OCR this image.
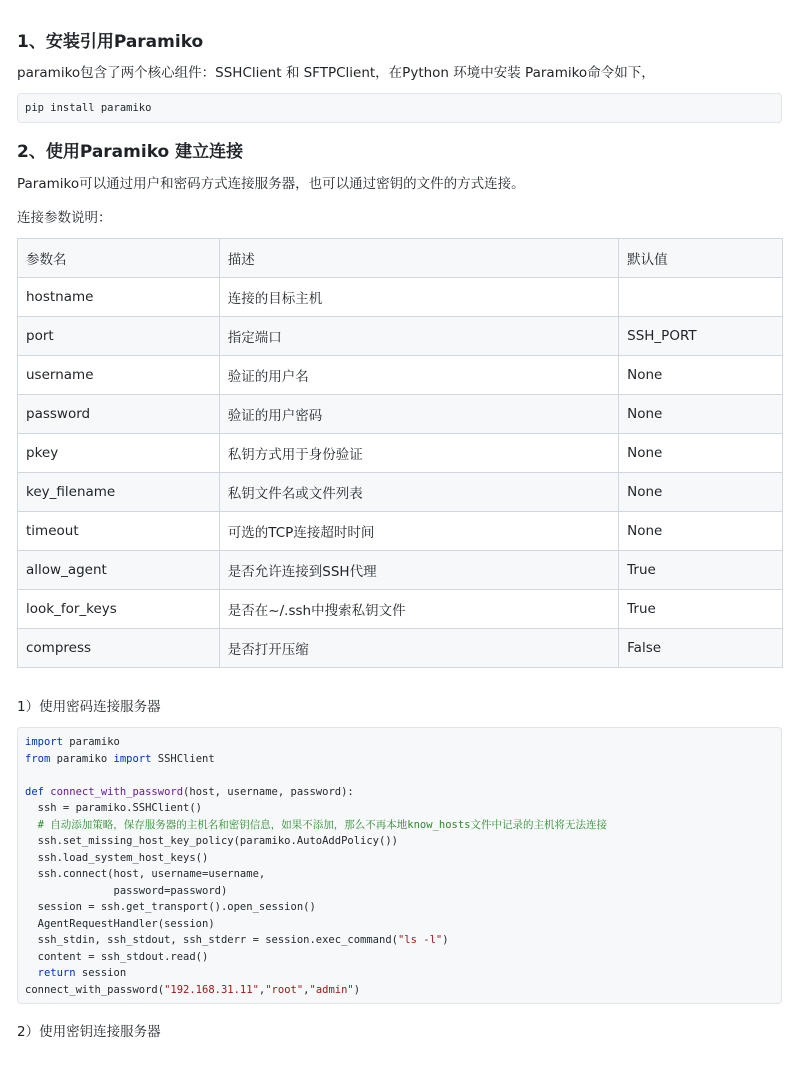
1、安装引用Paramiko
paramiko包含了两个核心组件：SSHClient 和 SFTPClient，在Python 环境中安装 Paramiko命令如下，
pip install paramiko
2、使用Paramiko 建立连接
Paramiko可以通过用户和密码方式连接服务器，也可以通过密钥的文件的方式连接。
连接参数说明：
参数名	描述	默认值
hostname	连接的目标主机	
port	指定端口	SSH_PORT
username	验证的用户名	None
password	验证的用户密码	None
pkey	私钥方式用于身份验证	None
key_filename	私钥文件名或文件列表	None
timeout	可选的TCP连接超时时间	None
allow_agent	是否允许连接到SSH代理	True
look_for_keys	是否在~/.ssh中搜索私钥文件	True
compress	是否打开压缩	False
1）使用密码连接服务器
import paramiko
from paramiko import SSHClient

def connect_with_password(host, username, password):
ssh = paramiko.SSHClient()
# 自动添加策略，保存服务器的主机名和密钥信息，如果不添加，那么不再本地know_hosts文件中记录的主机将无法连接
ssh.set_missing_host_key_policy(paramiko.AutoAddPolicy())
ssh.load_system_host_keys()
ssh.connect(host, username=username,
password=password)
session = ssh.get_transport().open_session()
AgentRequestHandler(session)
ssh_stdin, ssh_stdout, ssh_stderr = session.exec_command("ls -l")
content = ssh_stdout.read()
return session
connect_with_password("192.168.31.11","root","admin")
2）使用密钥连接服务器
